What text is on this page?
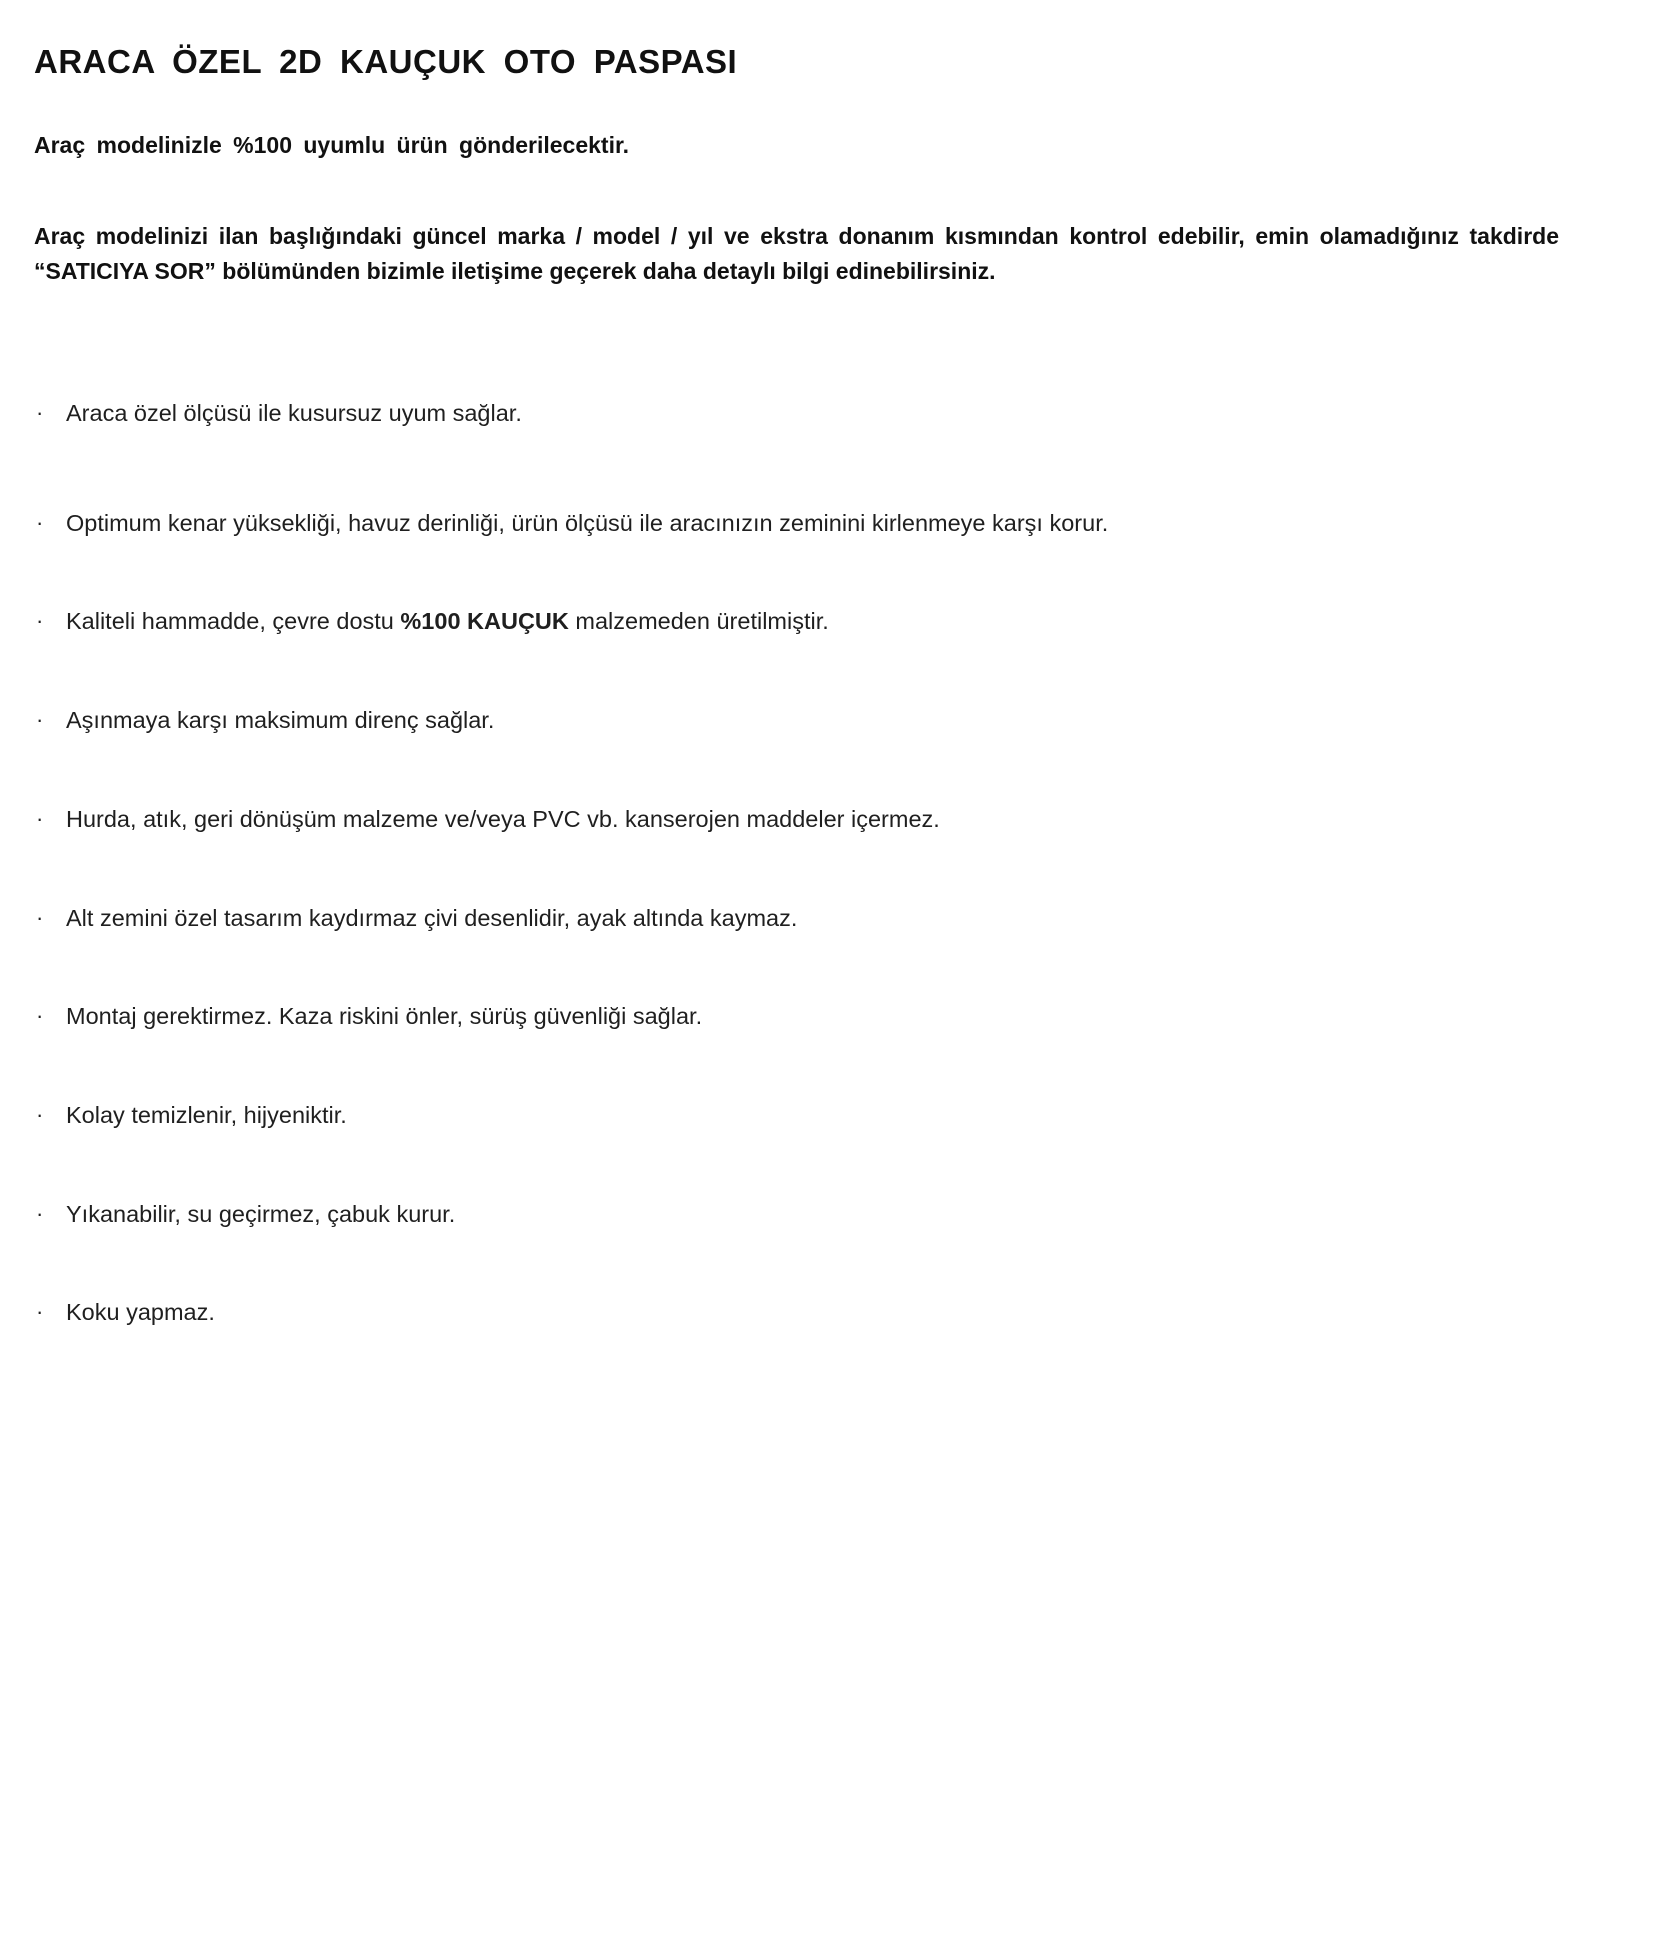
ARACA ÖZEL 2D KAUÇUK OTO PASPASI

Araç modelinizle %100 uyumlu ürün gönderilecektir.

Araç modelinizi ilan başlığındaki güncel marka / model / yıl ve ekstra donanım kısmından kontrol edebilir, emin olamadığınız takdirde “SATICIYA SOR” bölümünden bizimle iletişime geçerek daha detaylı bilgi edinebilirsiniz.

· Araca özel ölçüsü ile kusursuz uyum sağlar.
· Optimum kenar yüksekliği, havuz derinliği, ürün ölçüsü ile aracınızın zeminini kirlenmeye karşı korur.
· Kaliteli hammadde, çevre dostu %100 KAUÇUK malzemeden üretilmiştir.
· Aşınmaya karşı maksimum direnç sağlar.
· Hurda, atık, geri dönüşüm malzeme ve/veya PVC vb. kanserojen maddeler içermez.
· Alt zemini özel tasarım kaydırmaz çivi desenlidir, ayak altında kaymaz.
· Montaj gerektirmez. Kaza riskini önler, sürüş güvenliği sağlar.
· Kolay temizlenir, hijyeniktir.
· Yıkanabilir, su geçirmez, çabuk kurur.
· Koku yapmaz.
